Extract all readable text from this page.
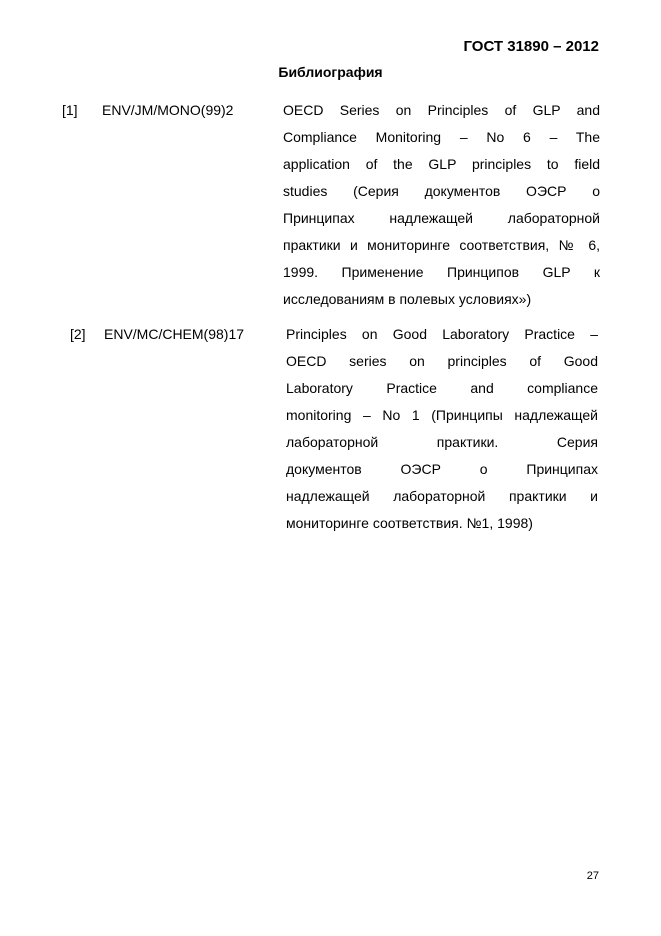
ГОСТ 31890 – 2012

Библиография

[1] ENV/JM/MONO(99)2	OECD Series on Principles of GLP and
Compliance Monitoring – No 6 – The
application of the GLP principles to field
studies (Серия документов ОЭСР о
Принципах надлежащей лабораторной
практики и мониторинге соответствия, № 6,
1999. Применение Принципов GLP к
исследованиям в полевых условиях»)
[2] ENV/MC/CHEM(98)17	Principles on Good Laboratory Practice –
OECD series on principles of Good
Laboratory Practice and compliance
monitoring – No 1 (Принципы надлежащей
лабораторной практики. Серия
документов ОЭСР о Принципах
надлежащей лабораторной практики и
мониторинге соответствия. №1, 1998)

27
